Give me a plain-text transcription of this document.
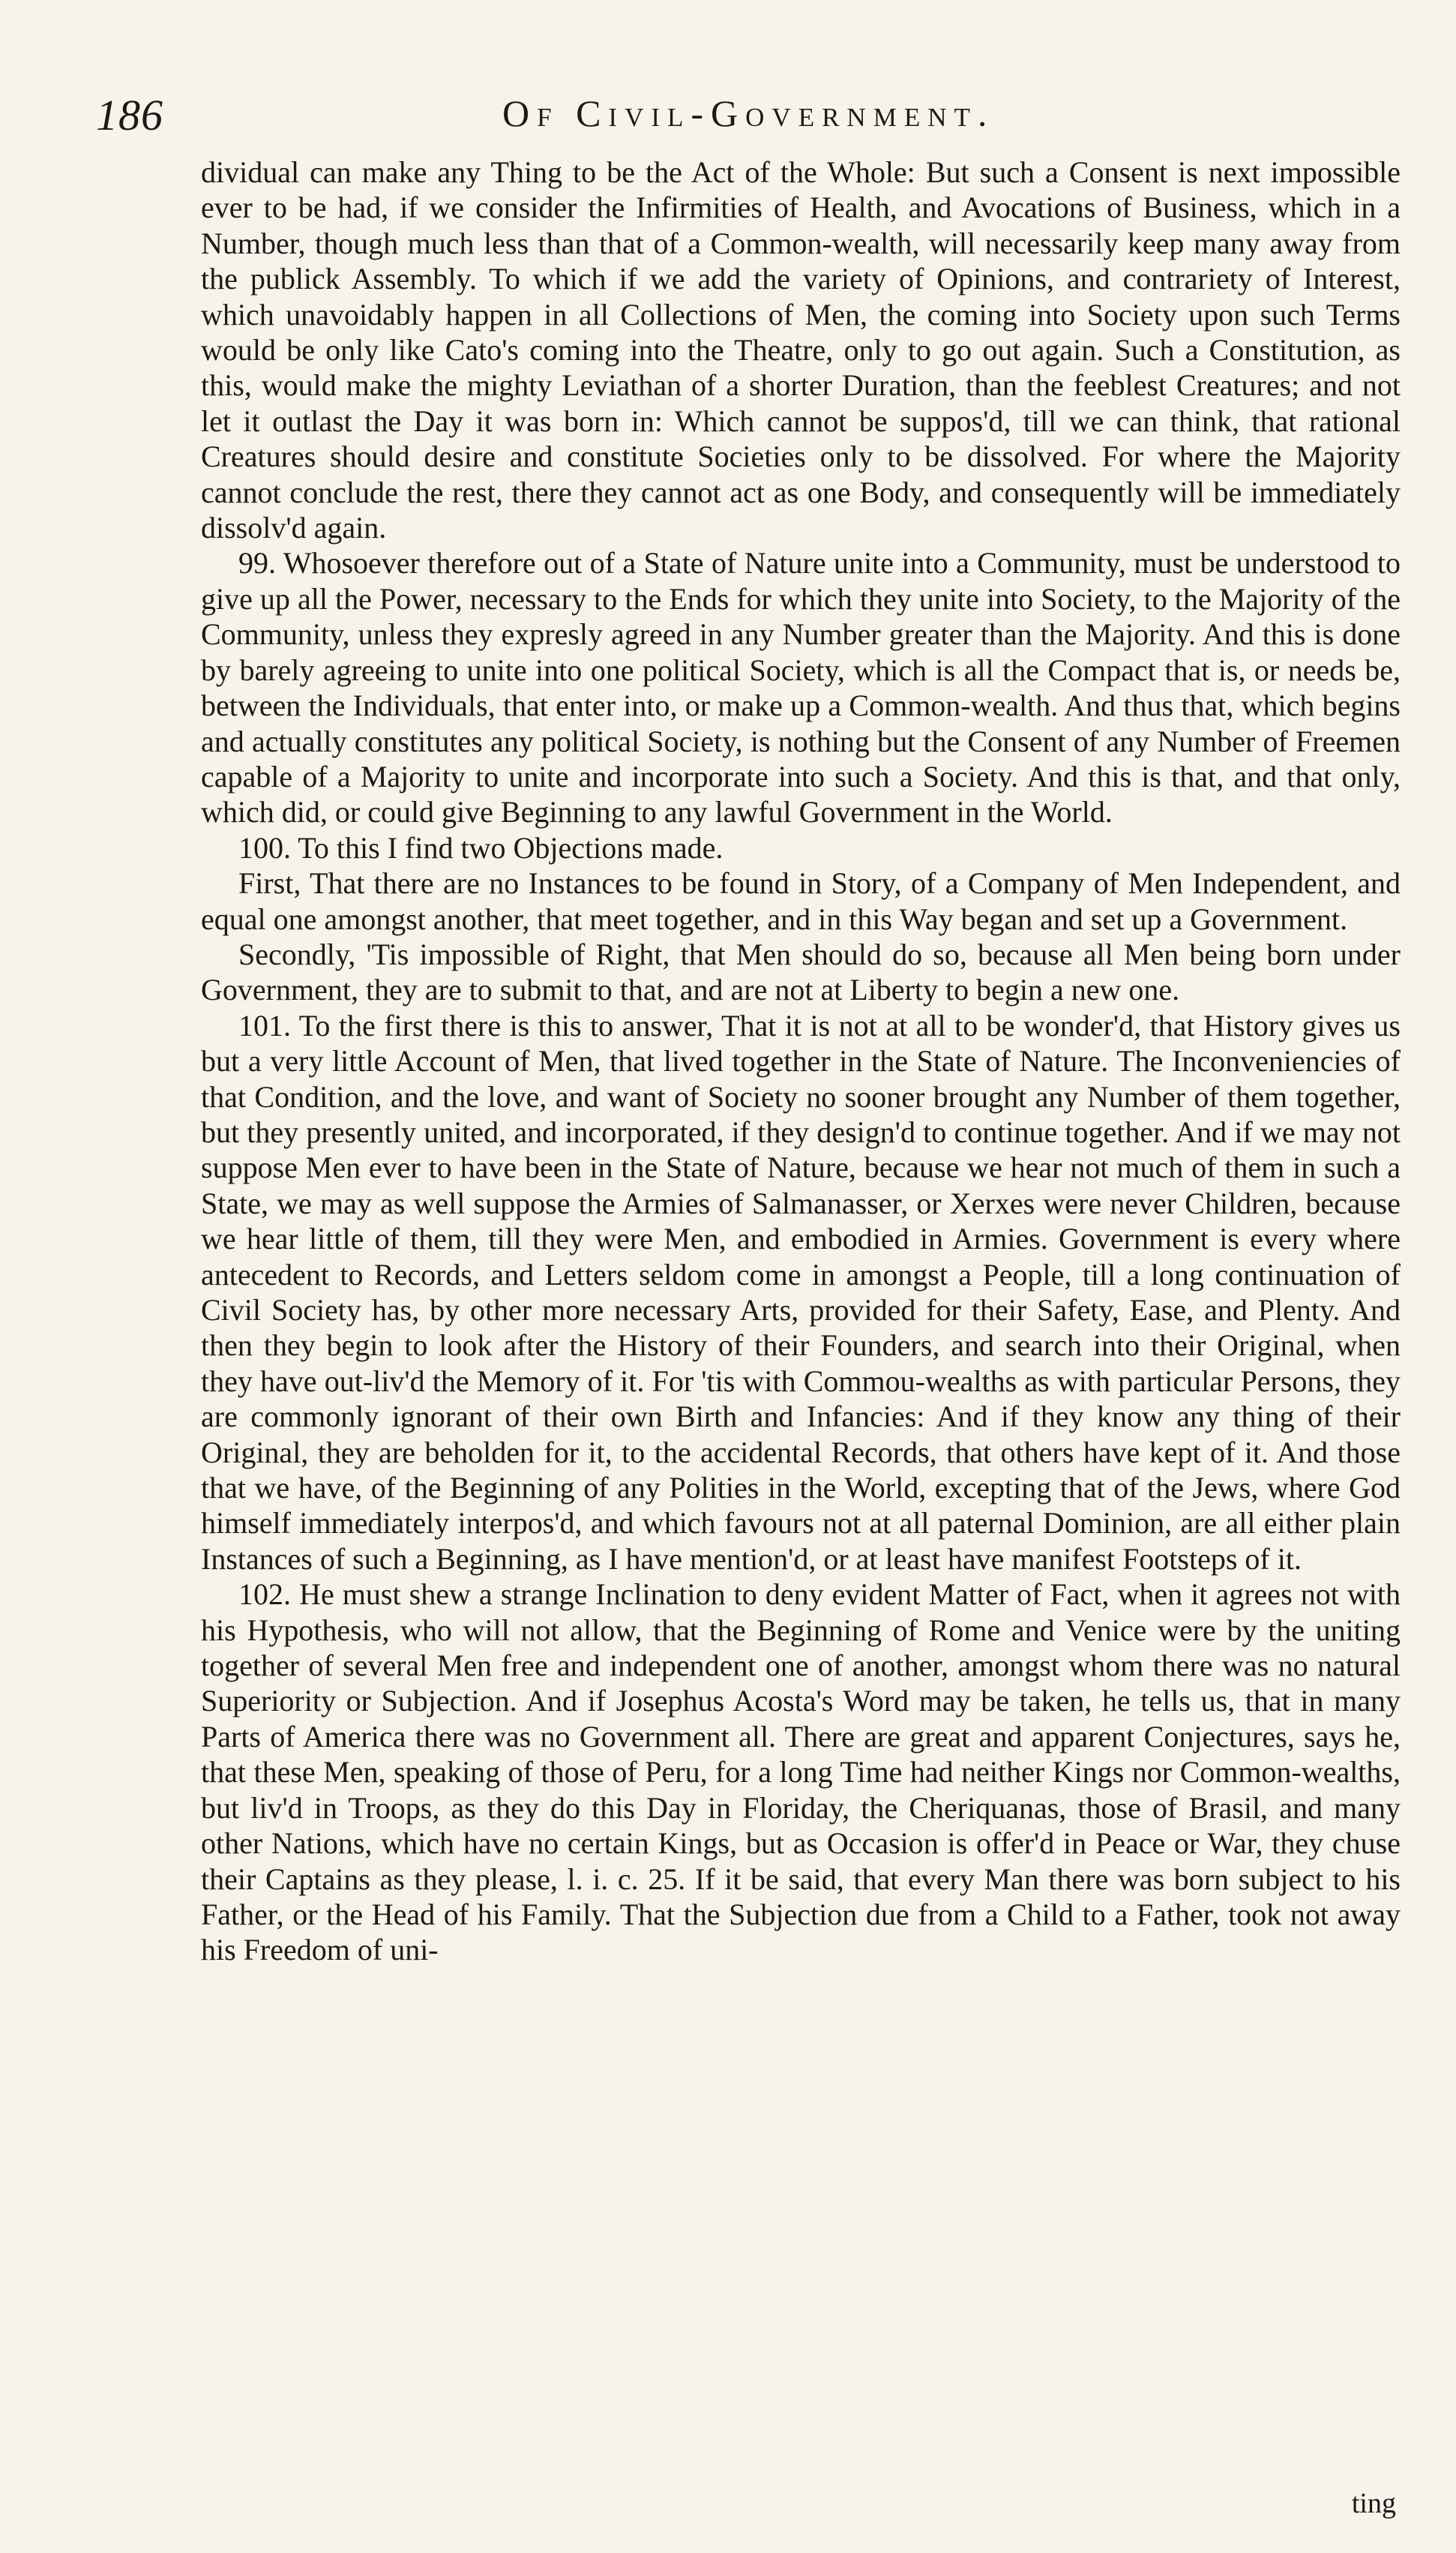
186	Of Civil-Government.

dividual can make any Thing to be the Act of the Whole: But such a Consent is next impossible ever to be had, if we consider the Infirmities of Health, and Avocations of Business, which in a Number, though much less than that of a Common-wealth, will necessarily keep many away from the publick Assembly. To which if we add the variety of Opinions, and contrariety of Interest, which unavoidably happen in all Collections of Men, the coming into Society upon such Terms would be only like Cato's coming into the Theatre, only to go out again. Such a Constitution, as this, would make the mighty Leviathan of a shorter Duration, than the feeblest Creatures; and not let it outlast the Day it was born in: Which cannot be suppos'd, till we can think, that rational Creatures should desire and constitute Societies only to be dissolved. For where the Majority cannot conclude the rest, there they cannot act as one Body, and consequently will be immediately dissolv'd again.

99. Whosoever therefore out of a State of Nature unite into a Community, must be understood to give up all the Power, necessary to the Ends for which they unite into Society, to the Majority of the Community, unless they expresly agreed in any Number greater than the Majority. And this is done by barely agreeing to unite into one political Society, which is all the Compact that is, or needs be, between the Individuals, that enter into, or make up a Common-wealth. And thus that, which begins and actually constitutes any political Society, is nothing but the Consent of any Number of Freemen capable of a Majority to unite and incorporate into such a Society. And this is that, and that only, which did, or could give Beginning to any lawful Government in the World.

100. To this I find two Objections made.

First, That there are no Instances to be found in Story, of a Company of Men Independent, and equal one amongst another, that meet together, and in this Way began and set up a Government.

Secondly, 'Tis impossible of Right, that Men should do so, because all Men being born under Government, they are to submit to that, and are not at Liberty to begin a new one.

101. To the first there is this to answer, That it is not at all to be wonder'd, that History gives us but a very little Account of Men, that lived together in the State of Nature. The Inconveniencies of that Condition, and the love, and want of Society no sooner brought any Number of them together, but they presently united, and incorporated, if they design'd to continue together. And if we may not suppose Men ever to have been in the State of Nature, because we hear not much of them in such a State, we may as well suppose the Armies of Salmanasser, or Xerxes were never Children, because we hear little of them, till they were Men, and embodied in Armies. Government is every where antecedent to Records, and Letters seldom come in amongst a People, till a long continuation of Civil Society has, by other more necessary Arts, provided for their Safety, Ease, and Plenty. And then they begin to look after the History of their Founders, and search into their Original, when they have out-liv'd the Memory of it. For 'tis with Commou-wealths as with particular Persons, they are commonly ignorant of their own Birth and Infancies: And if they know any thing of their Original, they are beholden for it, to the accidental Records, that others have kept of it. And those that we have, of the Beginning of any Polities in the World, excepting that of the Jews, where God himself immediately interpos'd, and which favours not at all paternal Dominion, are all either plain Instances of such a Beginning, as I have mention'd, or at least have manifest Footsteps of it.

102. He must shew a strange Inclination to deny evident Matter of Fact, when it agrees not with his Hypothesis, who will not allow, that the Beginning of Rome and Venice were by the uniting together of several Men free and independent one of another, amongst whom there was no natural Superiority or Subjection. And if Josephus Acosta's Word may be taken, he tells us, that in many Parts of America there was no Government all. There are great and apparent Conjectures, says he, that these Men, speaking of those of Peru, for a long Time had neither Kings nor Common-wealths, but liv'd in Troops, as they do this Day in Floriday, the Cheriquanas, those of Brasil, and many other Nations, which have no certain Kings, but as Occasion is offer'd in Peace or War, they chuse their Captains as they please, l. i. c. 25. If it be said, that every Man there was born subject to his Father, or the Head of his Family. That the Subjection due from a Child to a Father, took not away his Freedom of uni-

ting
